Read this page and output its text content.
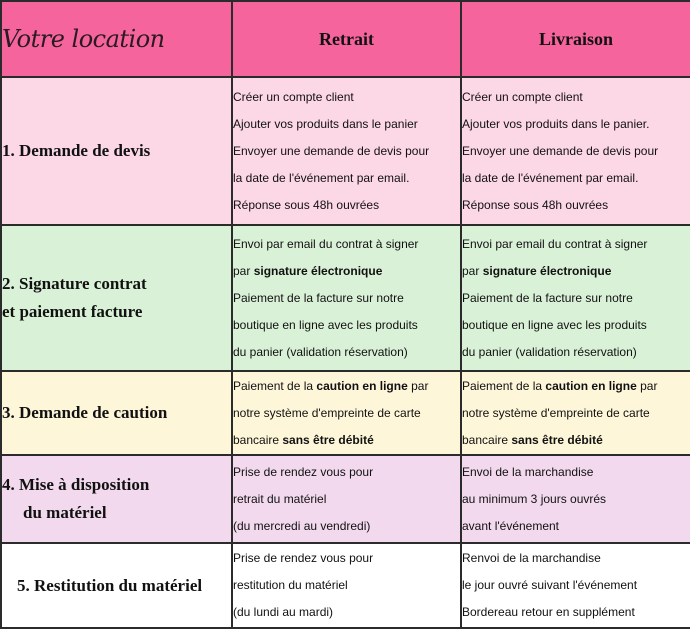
Votre location	Retrait	Livraison

1. Demande de devis	Créer un compte client
Ajouter vos produits dans le panier
Envoyer une demande de devis pour
la date de l'événement par email.
Réponse sous 48h ouvrées	Créer un compte client
Ajouter vos produits dans le panier.
Envoyer une demande de devis pour
la date de l'événement par email.
Réponse sous 48h ouvrées

2. Signature contrat
et paiement facture	Envoi par email du contrat à signer
par signature électronique
Paiement de la facture sur notre
boutique en ligne avec les produits
du panier (validation réservation)	Envoi par email du contrat à signer
par signature électronique
Paiement de la facture sur notre
boutique en ligne avec les produits
du panier (validation réservation)

3. Demande de caution	Paiement de la caution en ligne par
notre système d'empreinte de carte
bancaire sans être débité	Paiement de la caution en ligne par
notre système d'empreinte de carte
bancaire sans être débité

4. Mise à disposition
du matériel	Prise de rendez vous pour
retrait du matériel
(du mercredi au vendredi)	Envoi de la marchandise
au minimum 3 jours ouvrés
avant l'événement

5. Restitution du matériel	Prise de rendez vous pour
restitution du matériel
(du lundi au mardi)	Renvoi de la marchandise
le jour ouvré suivant l'événement
Bordereau retour en supplément
